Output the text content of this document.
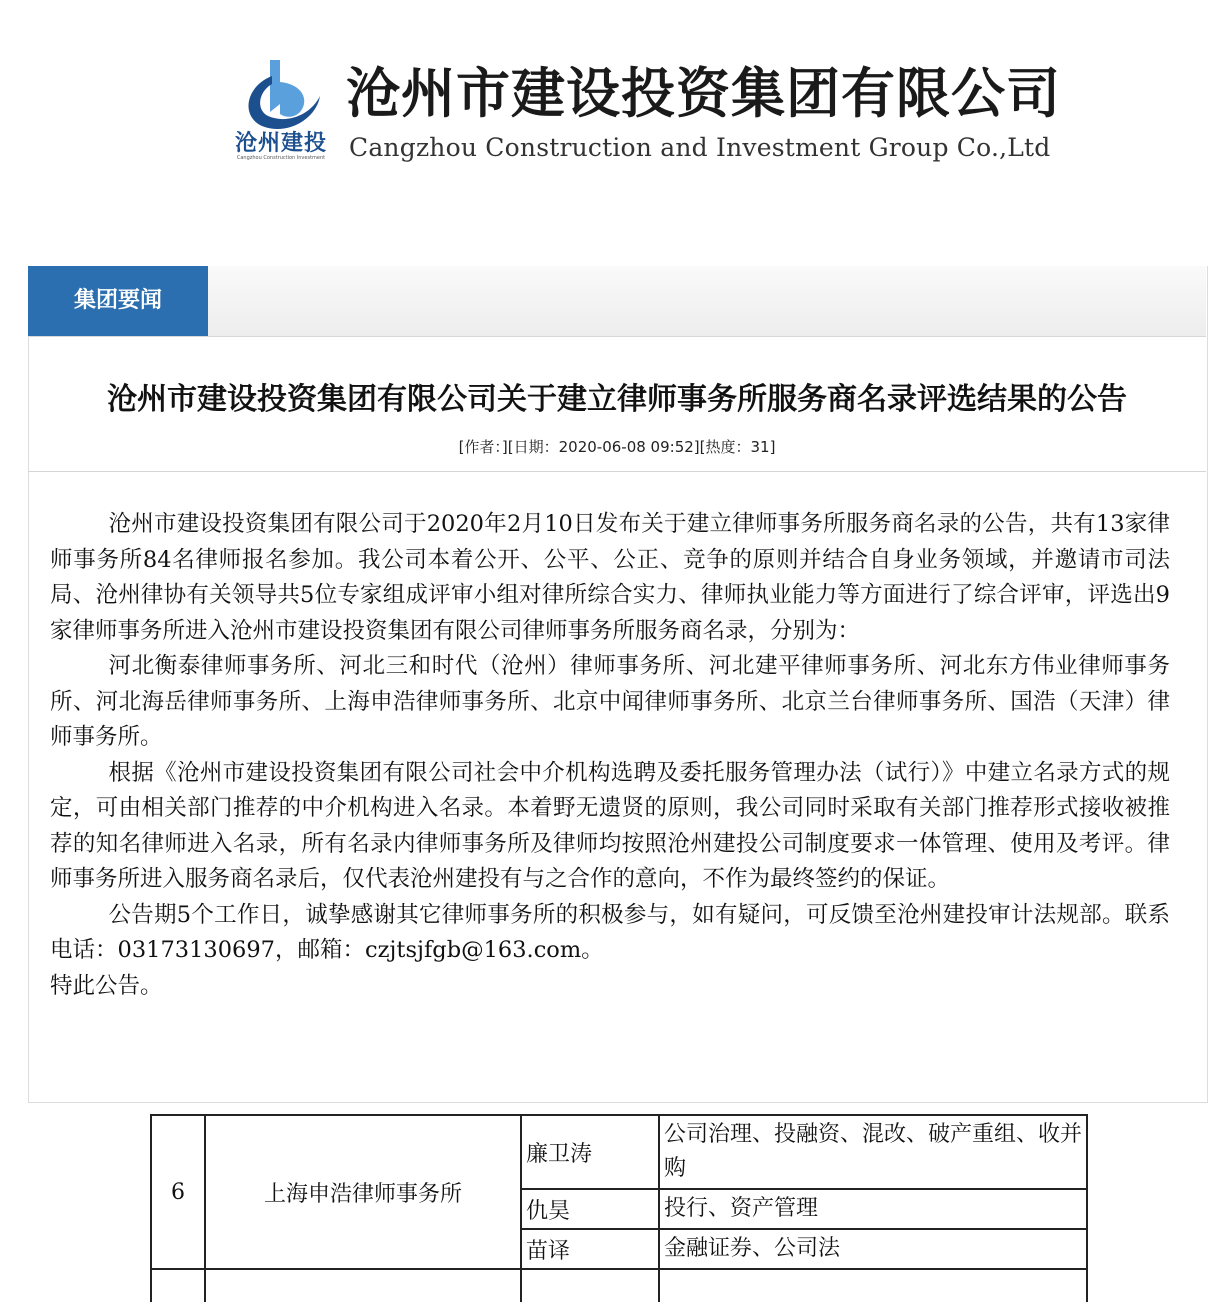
沧州建投
Cangzhou Construction Investment
沧州市建设投资集团有限公司
Cangzhou Construction and Investment Group Co.,Ltd
集团要闻
沧州市建设投资集团有限公司关于建立律师事务所服务商名录评选结果的公告
[作者：][日期：2020-06-08 09:52][热度：31]

沧州市建设投资集团有限公司于2020年2月10日发布关于建立律师事务所服务商名录的公告，共有13家律师事务所84名律师报名参加。我公司本着公开、公平、公正、竞争的原则并结合自身业务领域，并邀请市司法局、沧州律协有关领导共5位专家组成评审小组对律所综合实力、律师执业能力等方面进行了综合评审，评选出9家律师事务所进入沧州市建设投资集团有限公司律师事务所服务商名录，分别为：

河北衡泰律师事务所、河北三和时代（沧州）律师事务所、河北建平律师事务所、河北东方伟业律师事务所、河北海岳律师事务所、上海申浩律师事务所、北京中闻律师事务所、北京兰台律师事务所、国浩（天津）律师事务所。

根据《沧州市建设投资集团有限公司社会中介机构选聘及委托服务管理办法（试行）》中建立名录方式的规定，可由相关部门推荐的中介机构进入名录。本着野无遗贤的原则，我公司同时采取有关部门推荐形式接收被推荐的知名律师进入名录，所有名录内律师事务所及律师均按照沧州建投公司制度要求一体管理、使用及考评。律师事务所进入服务商名录后，仅代表沧州建投有与之合作的意向，不作为最终签约的保证。

公告期5个工作日，诚挚感谢其它律师事务所的积极参与，如有疑问，可反馈至沧州建投审计法规部。联系电话：03173130697，邮箱：czjtsjfgb@163.com。

特此公告。

6	上海申浩律师事务所	廉卫涛	公司治理、投融资、混改、破产重组、收并购
		仇昊	投行、资产管理
		苗译	金融证券、公司法
